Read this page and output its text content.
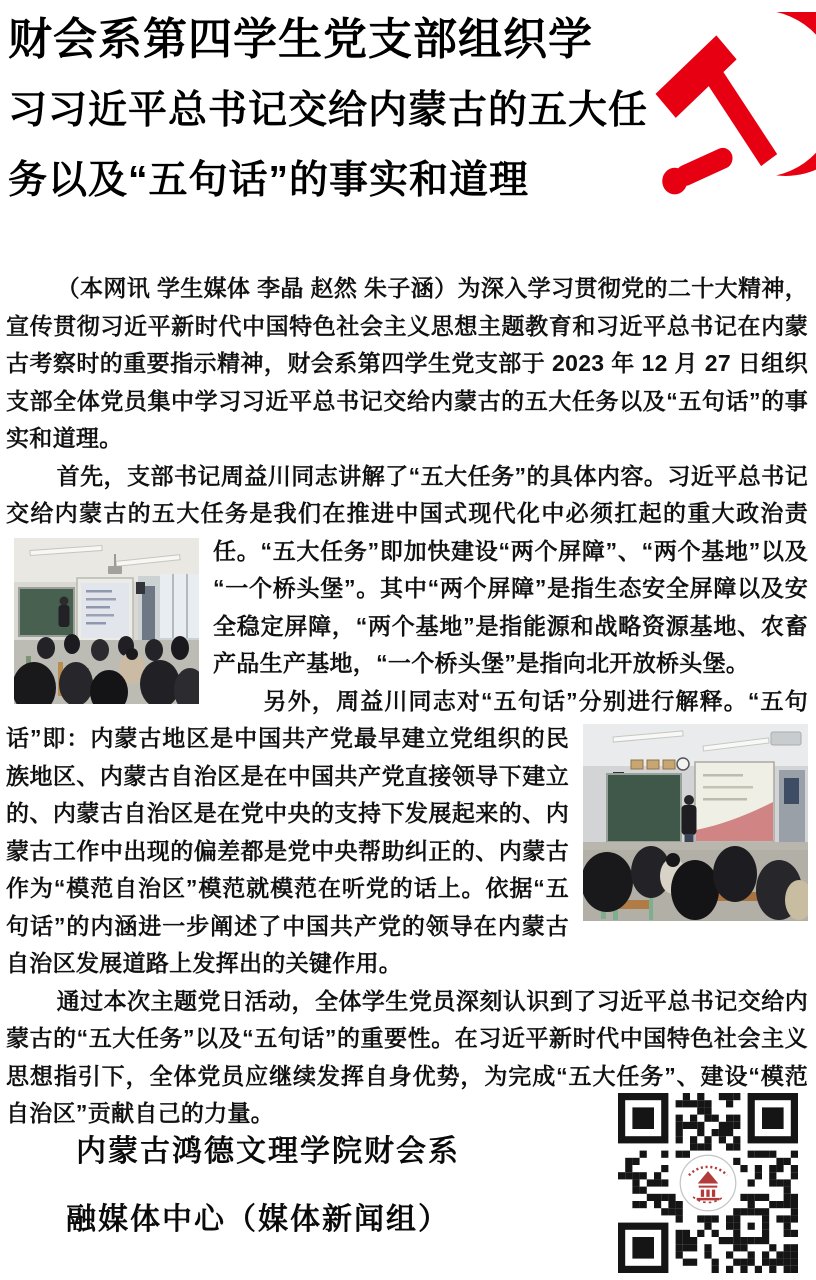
财会系第四学生党支部组织学
习习近平总书记交给内蒙古的五大任
务以及“五句话”的事实和道理

（本网讯 学生媒体 李晶 赵然 朱子涵）为深入学习贯彻党的二十大精神，宣传贯彻习近平新时代中国特色社会主义思想主题教育和习近平总书记在内蒙古考察时的重要指示精神，财会系第四学生党支部于 2023 年 12 月 27 日组织支部全体党员集中学习习近平总书记交给内蒙古的五大任务以及“五句话”的事实和道理。

首先，支部书记周益川同志讲解了“五大任务”的具体内容。习近平总书记交给内蒙古的五大任务是我们在推进中国式现代化中必须扛起的重大政治
责任。“五大任务”即加快建设“两个屏障”、“两个基地”以及“一个桥头堡”。其中“两个屏障”是指生态安全屏障以及安全稳定屏障，“两个基地”是指能源和战略资源基地、农畜产品生产基地，“一个桥头堡”是指向北开放桥头堡。

另外，周益川同志对“五句话”分别进行解释。“五句
话”即：内蒙古地区是中国共产党最早建立党组织的民族地区、内蒙古自治区是在中国共产党直接领导下建立的、内蒙古自治区是在党中央的支持下发展起来的、内蒙古工作中出现的偏差都是党中央帮助纠正的、内蒙古作为“模范自治区”模范就模范在听党的话上。依据“五句话”的内涵进一步阐述了中国共产党的领导在内蒙古自治区发展道路上发挥出的关键作用。

通过本次主题党日活动，全体学生党员深刻认识到了习近平总书记交给内蒙古的“五大任务”以及“五句话”的重要性。在习近平新时代中国特色社会主义思想指引下，全体党员应继续发挥自身优势，为完成“五大任务”、建设“模范自治区”贡献自己的力量。

内蒙古鸿德文理学院财会系
融媒体中心（媒体新闻组）
